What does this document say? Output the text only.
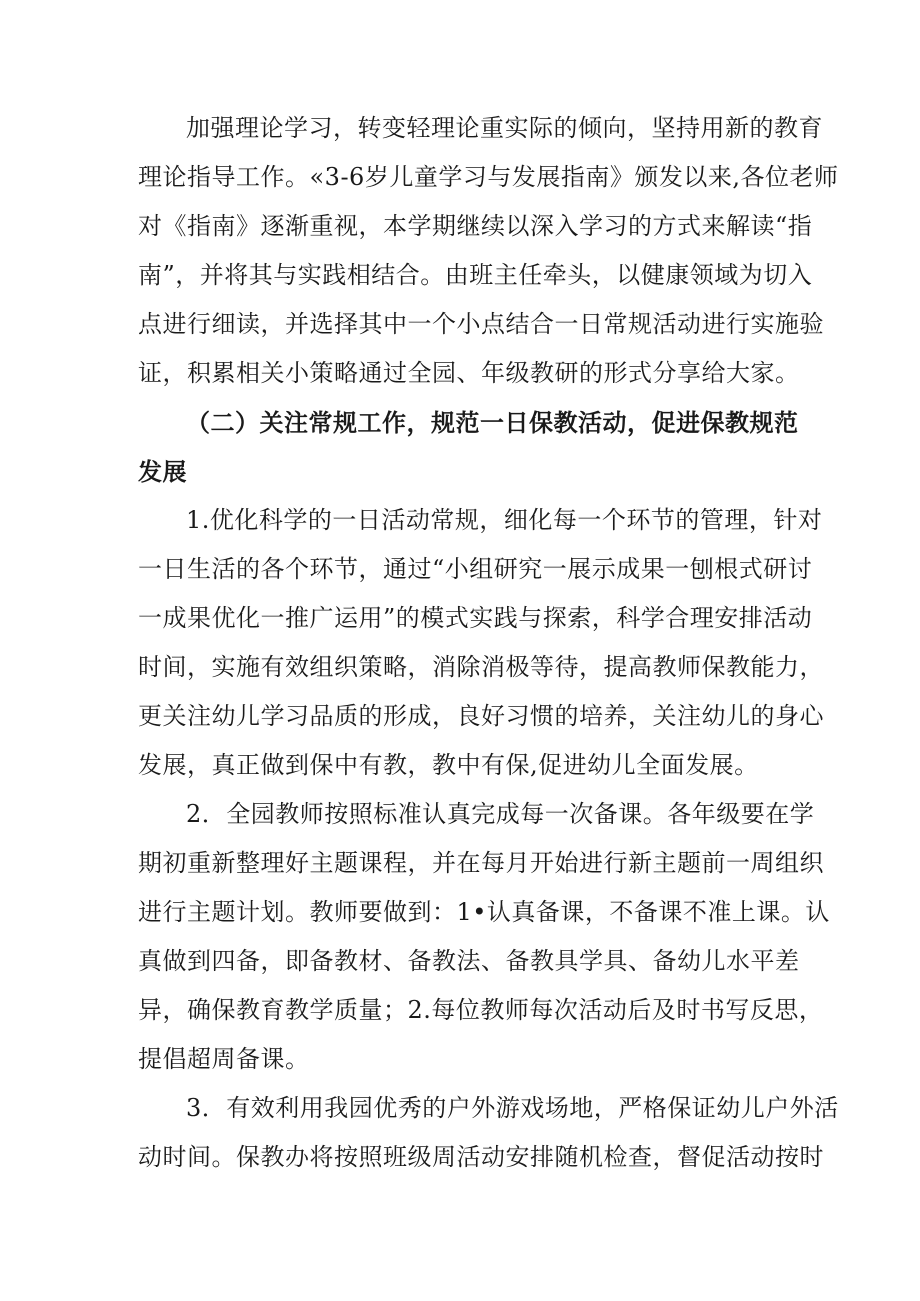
加强理论学习，转变轻理论重实际的倾向，坚持用新的教育
理论指导工作。«3-6岁儿童学习与发展指南》颁发以来,各位老师
对《指南》逐渐重视，本学期继续以深入学习的方式来解读“指
南”，并将其与实践相结合。由班主任牵头，以健康领域为切入
点进行细读，并选择其中一个小点结合一日常规活动进行实施验
证，积累相关小策略通过全园、年级教研的形式分享给大家。
（二）关注常规工作，规范一日保教活动，促进保教规范
发展
1.优化科学的一日活动常规，细化每一个环节的管理，针对
一日生活的各个环节，通过“小组研究一展示成果一刨根式研讨
一成果优化一推广运用”的模式实践与探索，科学合理安排活动
时间，实施有效组织策略，消除消极等待，提高教师保教能力，
更关注幼儿学习品质的形成，良好习惯的培养，关注幼儿的身心
发展，真正做到保中有教，教中有保,促进幼儿全面发展。
2．全园教师按照标准认真完成每一次备课。各年级要在学
期初重新整理好主题课程，并在每月开始进行新主题前一周组织
进行主题计划。教师要做到：1•认真备课，不备课不准上课。认
真做到四备，即备教材、备教法、备教具学具、备幼儿水平差
异，确保教育教学质量；2.每位教师每次活动后及时书写反思，
提倡超周备课。
3．有效利用我园优秀的户外游戏场地，严格保证幼儿户外活
动时间。保教办将按照班级周活动安排随机检查，督促活动按时
